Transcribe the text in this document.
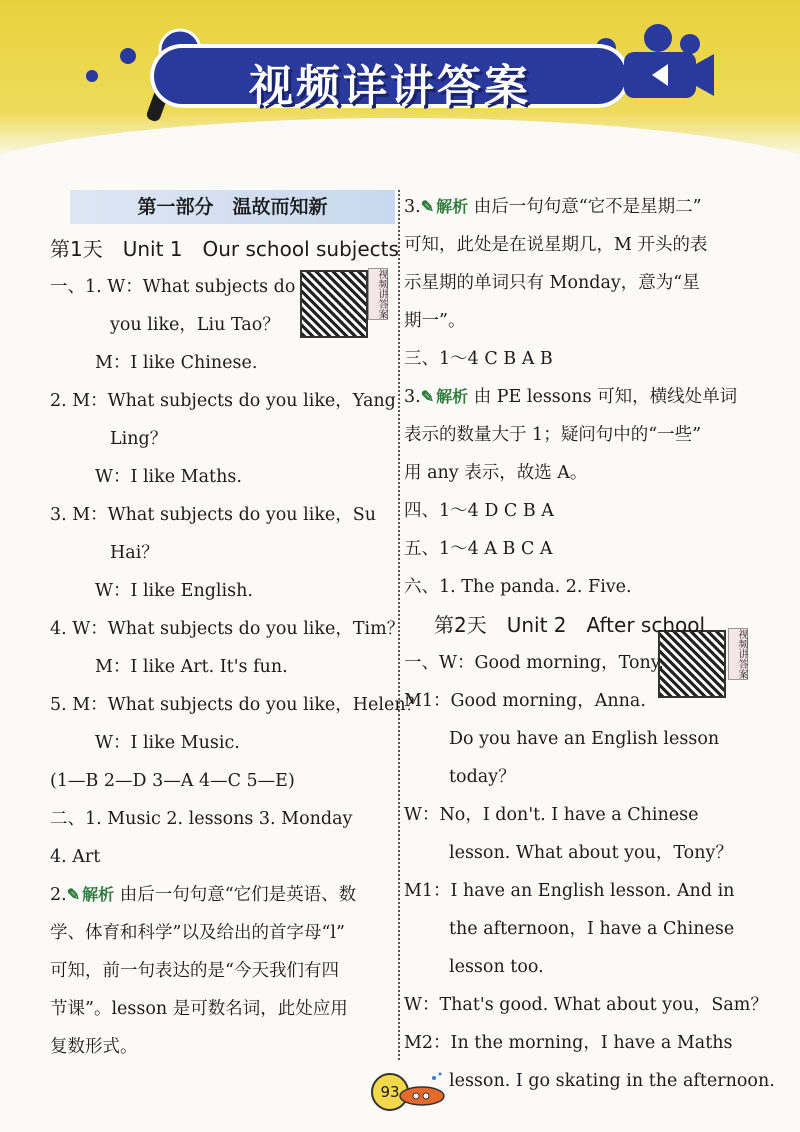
视频详讲答案
第一部分　温故而知新
第1天　Unit 1　Our school subjects
一、1. W：What subjects do
you like，Liu Tao？
M：I like Chinese.
2. M：What subjects do you like，Yang
Ling？
W：I like Maths.
3. M：What subjects do you like，Su
Hai？
W：I like English.
4. W：What subjects do you like，Tim？
M：I like Art. It's fun.
5. M：What subjects do you like，Helen？
W：I like Music.
(1—B 2—D 3—A 4—C 5—E)
二、1. Music 2. lessons 3. Monday
4. Art
2. ✎ 解析 由后一句句意“它们是英语、数
学、体育和科学”以及给出的首字母“l”
可知，前一句表达的是“今天我们有四
节课”。lesson 是可数名词，此处应用
复数形式。
视频讲答案
视频讲答案
3. ✎ 解析 由后一句句意“它不是星期二”
可知，此处是在说星期几，M 开头的表
示星期的单词只有 Monday，意为“星
期一”。
三、1～4 C B A B
3. ✎ 解析 由 PE lessons 可知，横线处单词
表示的数量大于 1；疑问句中的“一些”
用 any 表示，故选 A。
四、1～4 D C B A
五、1～4 A B C A
六、1. The panda. 2. Five.
第2天　Unit 2　After school
一、W：Good morning，Tony.
M1：Good morning，Anna.
Do you have an English lesson
today？
W：No，I don't. I have a Chinese
lesson. What about you，Tony？
M1：I have an English lesson. And in
the afternoon，I have a Chinese
lesson too.
W：That's good. What about you，Sam？
M2：In the morning，I have a Maths
lesson. I go skating in the afternoon.
93
